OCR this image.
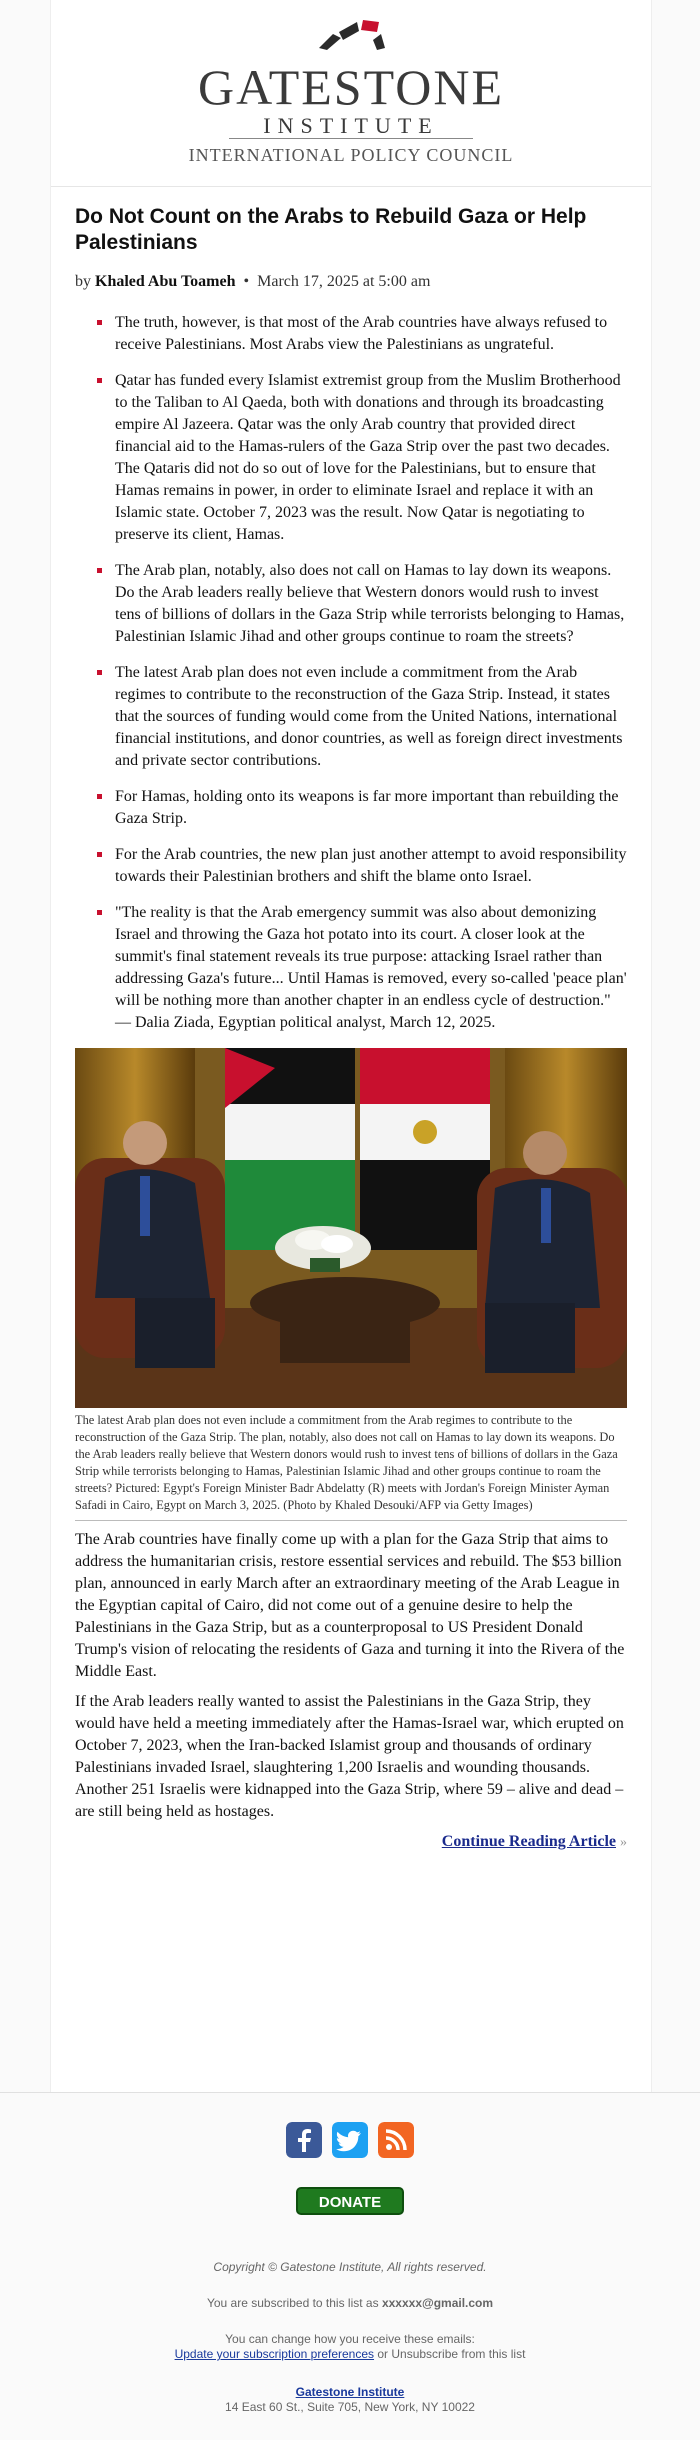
GATESTONE
INSTITUTE
INTERNATIONAL POLICY COUNCIL
Do Not Count on the Arabs to Rebuild Gaza or Help Palestinians
by Khaled Abu Toameh • March 17, 2025 at 5:00 am
The truth, however, is that most of the Arab countries have always refused to receive Palestinians. Most Arabs view the Palestinians as ungrateful.
Qatar has funded every Islamist extremist group from the Muslim Brotherhood to the Taliban to Al Qaeda, both with donations and through its broadcasting empire Al Jazeera. Qatar was the only Arab country that provided direct financial aid to the Hamas-rulers of the Gaza Strip over the past two decades. The Qataris did not do so out of love for the Palestinians, but to ensure that Hamas remains in power, in order to eliminate Israel and replace it with an Islamic state. October 7, 2023 was the result. Now Qatar is negotiating to preserve its client, Hamas.
The Arab plan, notably, also does not call on Hamas to lay down its weapons. Do the Arab leaders really believe that Western donors would rush to invest tens of billions of dollars in the Gaza Strip while terrorists belonging to Hamas, Palestinian Islamic Jihad and other groups continue to roam the streets?
The latest Arab plan does not even include a commitment from the Arab regimes to contribute to the reconstruction of the Gaza Strip. Instead, it states that the sources of funding would come from the United Nations, international financial institutions, and donor countries, as well as foreign direct investments and private sector contributions.
For Hamas, holding onto its weapons is far more important than rebuilding the Gaza Strip.
For the Arab countries, the new plan just another attempt to avoid responsibility towards their Palestinian brothers and shift the blame onto Israel.
"The reality is that the Arab emergency summit was also about demonizing Israel and throwing the Gaza hot potato into its court. A closer look at the summit's final statement reveals its true purpose: attacking Israel rather than addressing Gaza's future... Until Hamas is removed, every so-called 'peace plan' will be nothing more than another chapter in an endless cycle of destruction." — Dalia Ziada, Egyptian political analyst, March 12, 2025.
The latest Arab plan does not even include a commitment from the Arab regimes to contribute to the reconstruction of the Gaza Strip. The plan, notably, also does not call on Hamas to lay down its weapons. Do the Arab leaders really believe that Western donors would rush to invest tens of billions of dollars in the Gaza Strip while terrorists belonging to Hamas, Palestinian Islamic Jihad and other groups continue to roam the streets? Pictured: Egypt's Foreign Minister Badr Abdelatty (R) meets with Jordan's Foreign Minister Ayman Safadi in Cairo, Egypt on March 3, 2025. (Photo by Khaled Desouki/AFP via Getty Images)

The Arab countries have finally come up with a plan for the Gaza Strip that aims to address the humanitarian crisis, restore essential services and rebuild. The $53 billion plan, announced in early March after an extraordinary meeting of the Arab League in the Egyptian capital of Cairo, did not come out of a genuine desire to help the Palestinians in the Gaza Strip, but as a counterproposal to US President Donald Trump's vision of relocating the residents of Gaza and turning it into the Rivera of the Middle East.

If the Arab leaders really wanted to assist the Palestinians in the Gaza Strip, they would have held a meeting immediately after the Hamas-Israel war, which erupted on October 7, 2023, when the Iran-backed Islamist group and thousands of ordinary Palestinians invaded Israel, slaughtering 1,200 Israelis and wounding thousands. Another 251 Israelis were kidnapped into the Gaza Strip, where 59 – alive and dead – are still being held as hostages.

Continue Reading Article »
DONATE
Copyright © Gatestone Institute, All rights reserved.
You are subscribed to this list as xxxxxx@gmail.com
You can change how you receive these emails:
Update your subscription preferences or Unsubscribe from this list
Gatestone Institute
14 East 60 St., Suite 705, New York, NY 10022
